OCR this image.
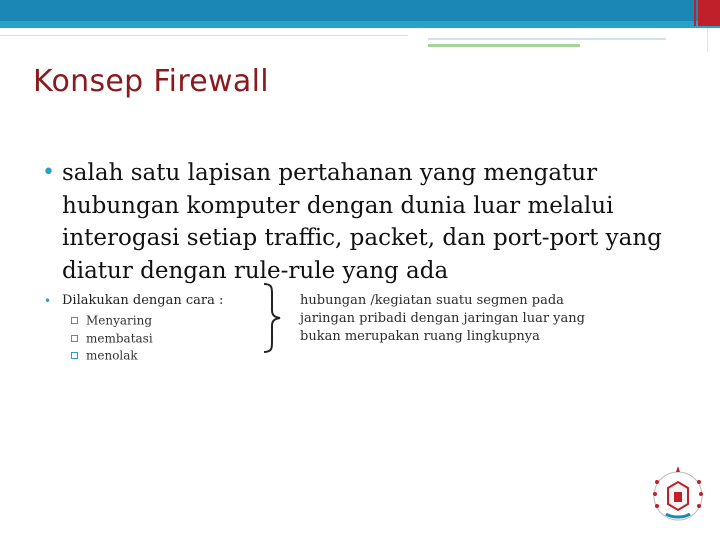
Konsep Firewall
• salah satu lapisan pertahanan yang mengatur hubungan komputer dengan dunia luar melalui interogasi setiap traffic, packet, dan port-port yang diatur dengan rule-rule yang ada
• Dilakukan dengan cara :
Menyaring
membatasi
menolak
hubungan /kegiatan suatu segmen pada jaringan pribadi dengan jaringan luar yang bukan merupakan ruang lingkupnya
